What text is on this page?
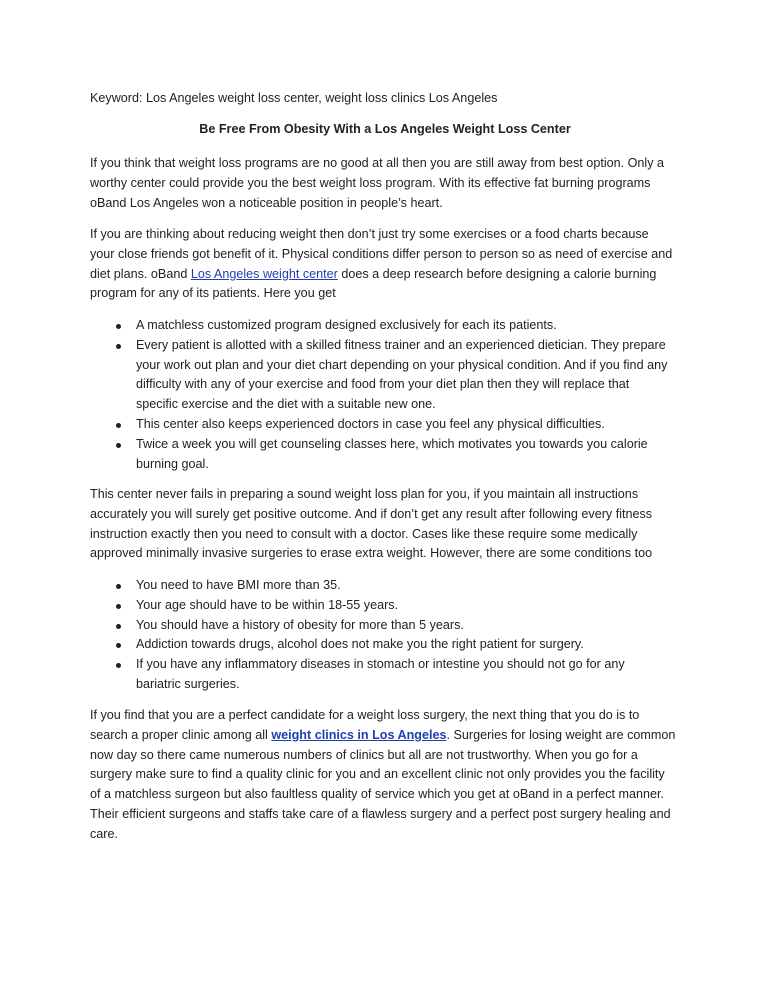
Keyword: Los Angeles weight loss center, weight loss clinics Los Angeles
Be Free From Obesity With a Los Angeles Weight Loss Center

If you think that weight loss programs are no good at all then you are still away from best option. Only a
worthy center could provide you the best weight loss program. With its effective fat burning programs
oBand Los Angeles won a noticeable position in people’s heart.

If you are thinking about reducing weight then don’t just try some exercises or a food charts because
your close friends got benefit of it. Physical conditions differ person to person so as need of exercise and
diet plans. oBand Los Angeles weight center does a deep research before designing a calorie burning
program for any of its patients. Here you get

A matchless customized program designed exclusively for each its patients.
Every patient is allotted with a skilled fitness trainer and an experienced dietician. They prepare
your work out plan and your diet chart depending on your physical condition. And if you find any
difficulty with any of your exercise and food from your diet plan then they will replace that
specific exercise and the diet with a suitable new one.
This center also keeps experienced doctors in case you feel any physical difficulties.
Twice a week you will get counseling classes here, which motivates you towards you calorie
burning goal.

This center never fails in preparing a sound weight loss plan for you, if you maintain all instructions
accurately you will surely get positive outcome. And if don’t get any result after following every fitness
instruction exactly then you need to consult with a doctor. Cases like these require some medically
approved minimally invasive surgeries to erase extra weight. However, there are some conditions too

You need to have BMI more than 35.
Your age should have to be within 18-55 years.
You should have a history of obesity for more than 5 years.
Addiction towards drugs, alcohol does not make you the right patient for surgery.
If you have any inflammatory diseases in stomach or intestine you should not go for any
bariatric surgeries.

If you find that you are a perfect candidate for a weight loss surgery, the next thing that you do is to
search a proper clinic among all weight clinics in Los Angeles. Surgeries for losing weight are common
now day so there came numerous numbers of clinics but all are not trustworthy. When you go for a
surgery make sure to find a quality clinic for you and an excellent clinic not only provides you the facility
of a matchless surgeon but also faultless quality of service which you get at oBand in a perfect manner.
Their efficient surgeons and staffs take care of a flawless surgery and a perfect post surgery healing and
care.
